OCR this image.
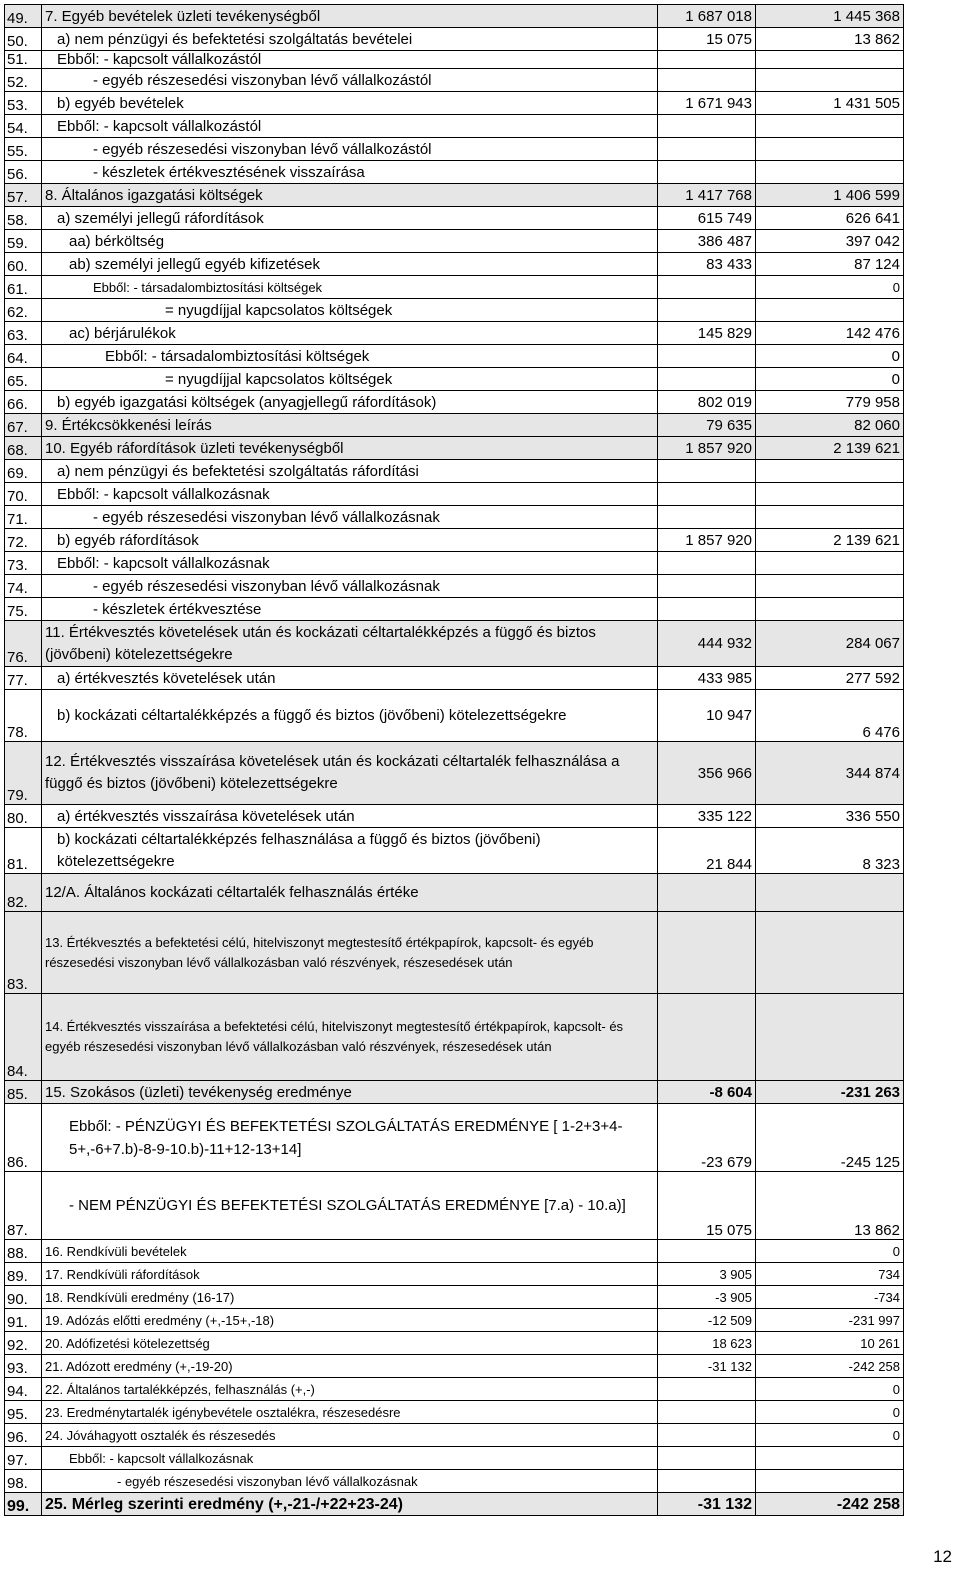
49.	7. Egyéb bevételek üzleti tevékenységből	1 687 018	1 445 368
50.	a) nem pénzügyi és befektetési szolgáltatás bevételei	15 075	13 862
51.	Ebből: - kapcsolt vállalkozástól		
52.	- egyéb részesedési viszonyban lévő vállalkozástól		
53.	b) egyéb bevételek	1 671 943	1 431 505
54.	Ebből: - kapcsolt vállalkozástól		
55.	- egyéb részesedési viszonyban lévő vállalkozástól		
56.	- készletek értékvesztésének visszaírása		
57.	8. Általános igazgatási költségek	1 417 768	1 406 599
58.	a) személyi jellegű ráfordítások	615 749	626 641
59.	aa) bérköltség	386 487	397 042
60.	ab) személyi jellegű egyéb kifizetések	83 433	87 124
61.	Ebből: - társadalombiztosítási költségek		0
62.	= nyugdíjjal kapcsolatos költségek		
63.	ac) bérjárulékok	145 829	142 476
64.	Ebből: - társadalombiztosítási költségek		0
65.	= nyugdíjjal kapcsolatos költségek		0
66.	b) egyéb igazgatási költségek (anyagjellegű ráfordítások)	802 019	779 958
67.	9. Értékcsökkenési leírás	79 635	82 060
68.	10. Egyéb ráfordítások üzleti tevékenységből	1 857 920	2 139 621
69.	a) nem pénzügyi és befektetési szolgáltatás ráfordítási		
70.	Ebből: - kapcsolt vállalkozásnak		
71.	- egyéb részesedési viszonyban lévő vállalkozásnak		
72.	b) egyéb ráfordítások	1 857 920	2 139 621
73.	Ebből: - kapcsolt vállalkozásnak		
74.	- egyéb részesedési viszonyban lévő vállalkozásnak		
75.	- készletek értékvesztése		
76.	11. Értékvesztés követelések után és kockázati céltartalékképzés a függő és biztos (jövőbeni) kötelezettségekre	444 932	284 067
77.	a) értékvesztés követelések után	433 985	277 592
78.	b) kockázati céltartalékképzés a függő és biztos (jövőbeni) kötelezettségekre	10 947	6 476
79.	12. Értékvesztés visszaírása követelések után és kockázati céltartalék felhasználása a függő és biztos (jövőbeni) kötelezettségekre	356 966	344 874
80.	a) értékvesztés visszaírása követelések után	335 122	336 550
81.	b) kockázati céltartalékképzés felhasználása a függő és biztos (jövőbeni) kötelezettségekre	21 844	8 323
82.	12/A. Általános kockázati céltartalék felhasználás értéke		
83.	13. Értékvesztés a befektetési célú, hitelviszonyt megtestesítő értékpapírok, kapcsolt- és egyéb részesedési viszonyban lévő vállalkozásban való részvények, részesedések után		
84.	14. Értékvesztés visszaírása a befektetési célú, hitelviszonyt megtestesítő értékpapírok, kapcsolt- és egyéb részesedési viszonyban lévő vállalkozásban való részvények, részesedések után		
85.	15. Szokásos (üzleti) tevékenység eredménye	-8 604	-231 263
86.	Ebből: - PÉNZÜGYI ÉS BEFEKTETÉSI SZOLGÁLTATÁS EREDMÉNYE [ 1-2+3+4-5+,-6+7.b)-8-9-10.b)-11+12-13+14]	-23 679	-245 125
87.	- NEM PÉNZÜGYI ÉS BEFEKTETÉSI SZOLGÁLTATÁS EREDMÉNYE [7.a) - 10.a)]	15 075	13 862
88.	16. Rendkívüli bevételek		0
89.	17. Rendkívüli ráfordítások	3 905	734
90.	18. Rendkívüli eredmény (16-17)	-3 905	-734
91.	19. Adózás előtti eredmény (+,-15+,-18)	-12 509	-231 997
92.	20. Adófizetési kötelezettség	18 623	10 261
93.	21. Adózott eredmény (+,-19-20)	-31 132	-242 258
94.	22. Általános tartalékképzés, felhasználás (+,-)		0
95.	23. Eredménytartalék igénybevétele osztalékra, részesedésre		0
96.	24. Jóváhagyott osztalék és részesedés		0
97.	Ebből: - kapcsolt vállalkozásnak		
98.	- egyéb részesedési viszonyban lévő vállalkozásnak		
99.	25. Mérleg szerinti eredmény (+,-21-/+22+23-24)	-31 132	-242 258
12
